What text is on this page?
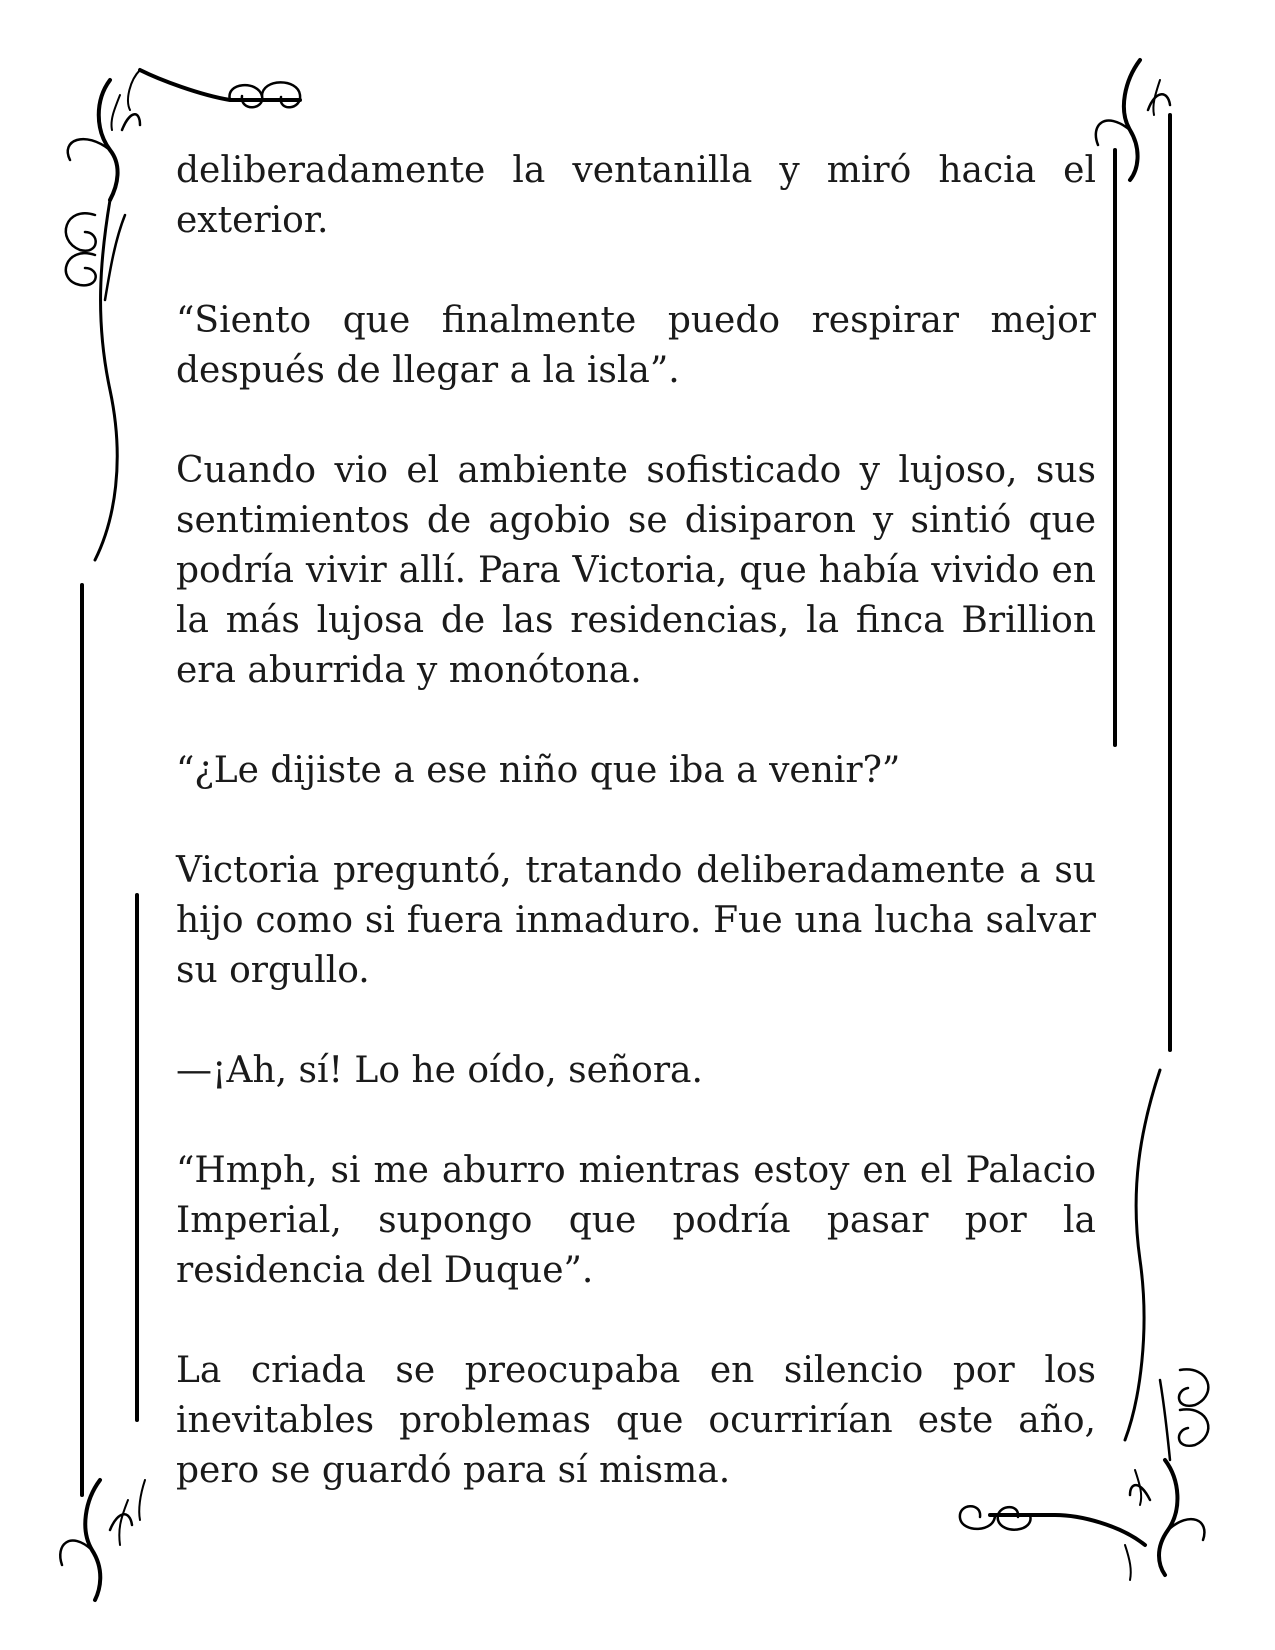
deliberadamente la ventanilla y miró hacia el exterior.

“Siento que finalmente puedo respirar mejor después de llegar a la isla”.

Cuando vio el ambiente sofisticado y lujoso, sus sentimientos de agobio se disiparon y sintió que podría vivir allí. Para Victoria, que había vivido en la más lujosa de las residencias, la finca Brillion era aburrida y monótona.

“¿Le dijiste a ese niño que iba a venir?”

Victoria preguntó, tratando deliberadamente a su hijo como si fuera inmaduro. Fue una lucha salvar su orgullo.

—¡Ah, sí! Lo he oído, señora.

“Hmph, si me aburro mientras estoy en el Palacio Imperial, supongo que podría pasar por la residencia del Duque”.

La criada se preocupaba en silencio por los inevitables problemas que ocurrirían este año, pero se guardó para sí misma.
